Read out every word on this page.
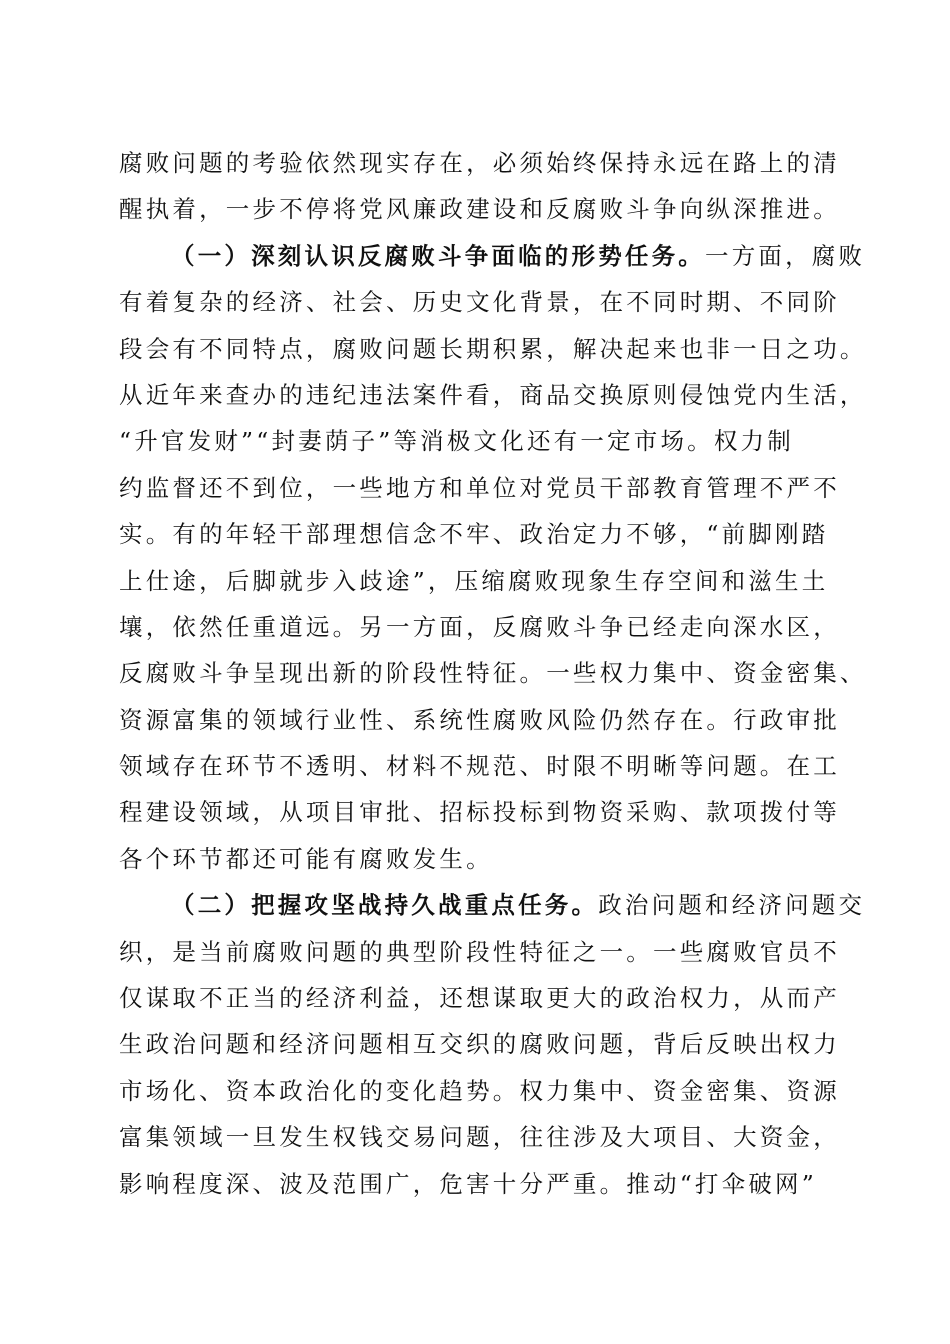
腐败问题的考验依然现实存在，必须始终保持永远在路上的清
醒执着，一步不停将党风廉政建设和反腐败斗争向纵深推进。
（一）深刻认识反腐败斗争面临的形势任务。一方面，腐败
有着复杂的经济、社会、历史文化背景，在不同时期、不同阶
段会有不同特点，腐败问题长期积累，解决起来也非一日之功。
从近年来查办的违纪违法案件看，商品交换原则侵蚀党内生活，
“升官发财”“封妻荫子”等消极文化还有一定市场。权力制
约监督还不到位，一些地方和单位对党员干部教育管理不严不
实。有的年轻干部理想信念不牢、政治定力不够，“前脚刚踏
上仕途，后脚就步入歧途”，压缩腐败现象生存空间和滋生土
壤，依然任重道远。另一方面，反腐败斗争已经走向深水区，
反腐败斗争呈现出新的阶段性特征。一些权力集中、资金密集、
资源富集的领域行业性、系统性腐败风险仍然存在。行政审批
领域存在环节不透明、材料不规范、时限不明晰等问题。在工
程建设领域，从项目审批、招标投标到物资采购、款项拨付等
各个环节都还可能有腐败发生。
（二）把握攻坚战持久战重点任务。政治问题和经济问题交
织，是当前腐败问题的典型阶段性特征之一。一些腐败官员不
仅谋取不正当的经济利益，还想谋取更大的政治权力，从而产
生政治问题和经济问题相互交织的腐败问题，背后反映出权力
市场化、资本政治化的变化趋势。权力集中、资金密集、资源
富集领域一旦发生权钱交易问题，往往涉及大项目、大资金，
影响程度深、波及范围广，危害十分严重。推动“打伞破网”
